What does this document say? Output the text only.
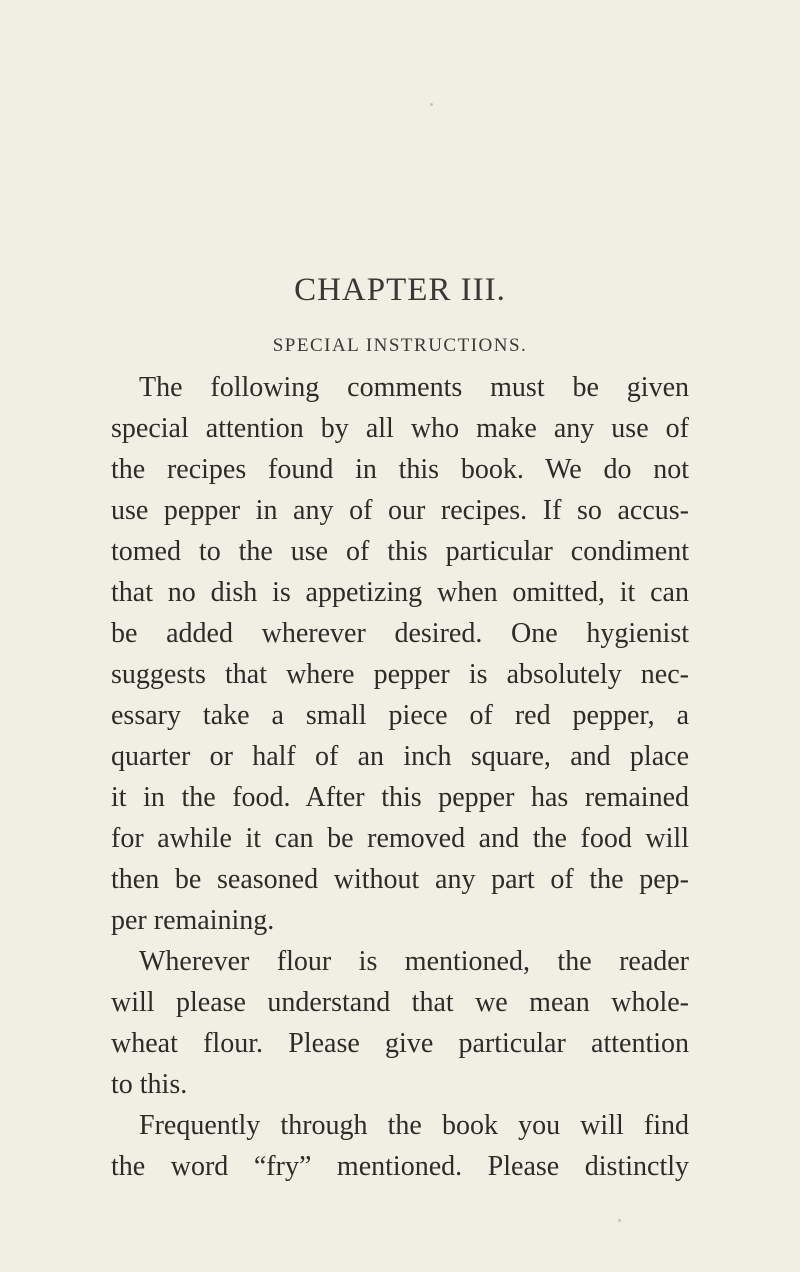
CHAPTER III.
SPECIAL INSTRUCTIONS.
The following comments must be given
special attention by all who make any use of
the recipes found in this book. We do not
use pepper in any of our recipes. If so accus-
tomed to the use of this particular condiment
that no dish is appetizing when omitted, it can
be added wherever desired. One hygienist
suggests that where pepper is absolutely nec-
essary take a small piece of red pepper, a
quarter or half of an inch square, and place
it in the food. After this pepper has remained
for awhile it can be removed and the food will
then be seasoned without any part of the pep-
per remaining.
Wherever flour is mentioned, the reader
will please understand that we mean whole-
wheat flour. Please give particular attention
to this.
Frequently through the book you will find
the word “fry” mentioned. Please distinctly
